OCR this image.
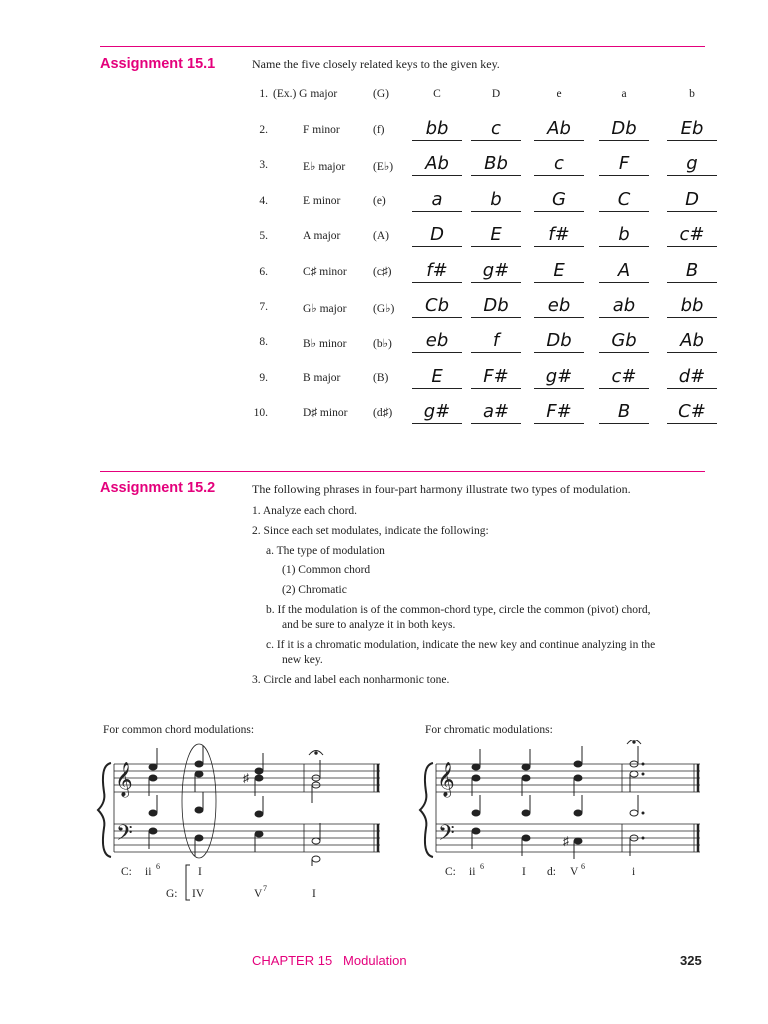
Assignment 15.1	Name the five closely related keys to the given key.
1. (Ex.) G major	(G)	C	D	e	a	b
2.	F minor	(f)	bb	c	Ab	Db	Eb
3.	E♭ major (E♭)	Ab	Bb	c	F	g
4.	E minor	(e)	a	b	G	C	D
5.	A major	(A)	D	E	f#	b	c#
6.	C♯ minor (c♯)	f#	g#	E	A	B
7.	G♭ major (G♭)	Cb	Db	eb	ab	bb
8.	B♭ minor (b♭)	eb	f	Db	Gb	Ab
9.	B major	(B)	E	F#	g#	c#	d#
10.	D♯ minor (d♯)	g#	a#	F#	B	C#
Assignment 15.2	The following phrases in four-part harmony illustrate two types of modulation.
1. Analyze each chord.
2. Since each set modulates, indicate the following:
a. The type of modulation
(1) Common chord
(2) Chromatic
b. If the modulation is of the common-chord type, circle the common (pivot) chord,
and be sure to analyze it in both keys.
c. If it is a chromatic modulation, indicate the new key and continue analyzing in the
new key.
3. Circle and label each nonharmonic tone.
For common chord modulations:	For chromatic modulations:
𝄞
𝄢
♯	𝄞
𝄢	♯
C: ii 6	I
G: IV	V 7	I
C: ii 6	I d: V 6	i
CHAPTER 15 Modulation	325
